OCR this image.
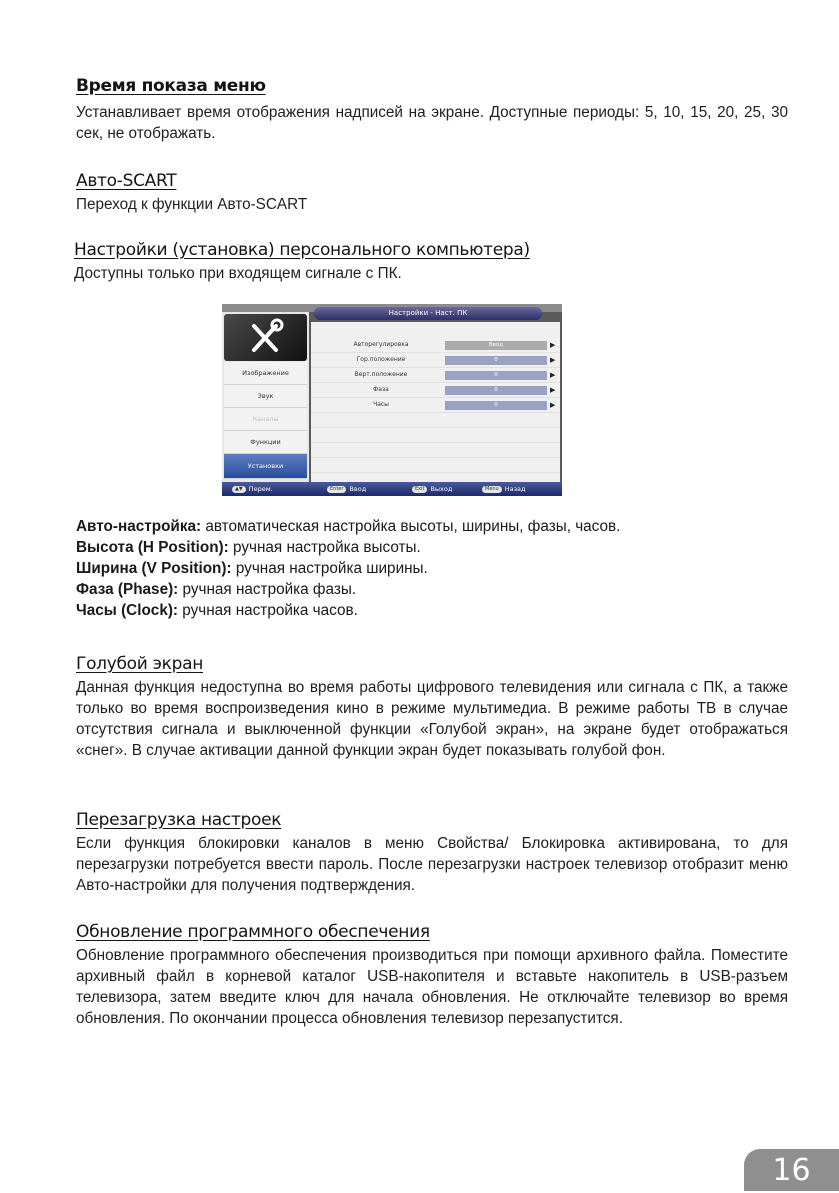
Время показа меню

Устанавливает время отображения надписей на экране. Доступные периоды: 5, 10, 15, 20, 25, 30 сек, не отображать.

Авто-SCART

Переход к функции Авто-SCART

Настройки (установка) персонального компьютера)

Доступны только при входящем сигнале с ПК.

Настройки - Наст. ПК
Изображение
Звук
Каналы
Функции
Установки
Авторегулировка	Ввод	▶
Гор.положение	0	▶
Верт.положение	0	▶
Фаза	0	▶
Часы	0	▶
▲▼ Перем.	Enter Ввод	Exit Выход	Menu Назад
Авто-настройка: автоматическая настройка высоты, ширины, фазы, часов.
Высота (H Position): ручная настройка высоты.
Ширина (V Position): ручная настройка ширины.
Фаза (Phase): ручная настройка фазы.
Часы (Clock): ручная настройка часов.
Голубой экран

Данная функция недоступна во время работы цифрового телевидения или сигнала с ПК, а также только во время воспроизведения кино в режиме мультимедиа. В режиме работы ТВ в случае отсутствия сигнала и выключенной функции «Голубой экран», на экране будет отображаться «снег». В случае активации данной функции экран будет показывать голубой фон.

Перезагрузка настроек

Если функция блокировки каналов в меню Свойства/ Блокировка активирована, то для перезагрузки потребуется ввести пароль. После перезагрузки настроек телевизор отобразит меню Авто-настройки для получения подтверждения.

Обновление программного обеспечения

Обновление программного обеспечения производиться при помощи архивного файла. Поместите архивный файл в корневой каталог USB-накопителя и вставьте накопитель в USB-разъем телевизора, затем введите ключ для начала обновления. Не отключайте телевизор во время обновления. По окончании процесса обновления телевизор перезапустится.

16
